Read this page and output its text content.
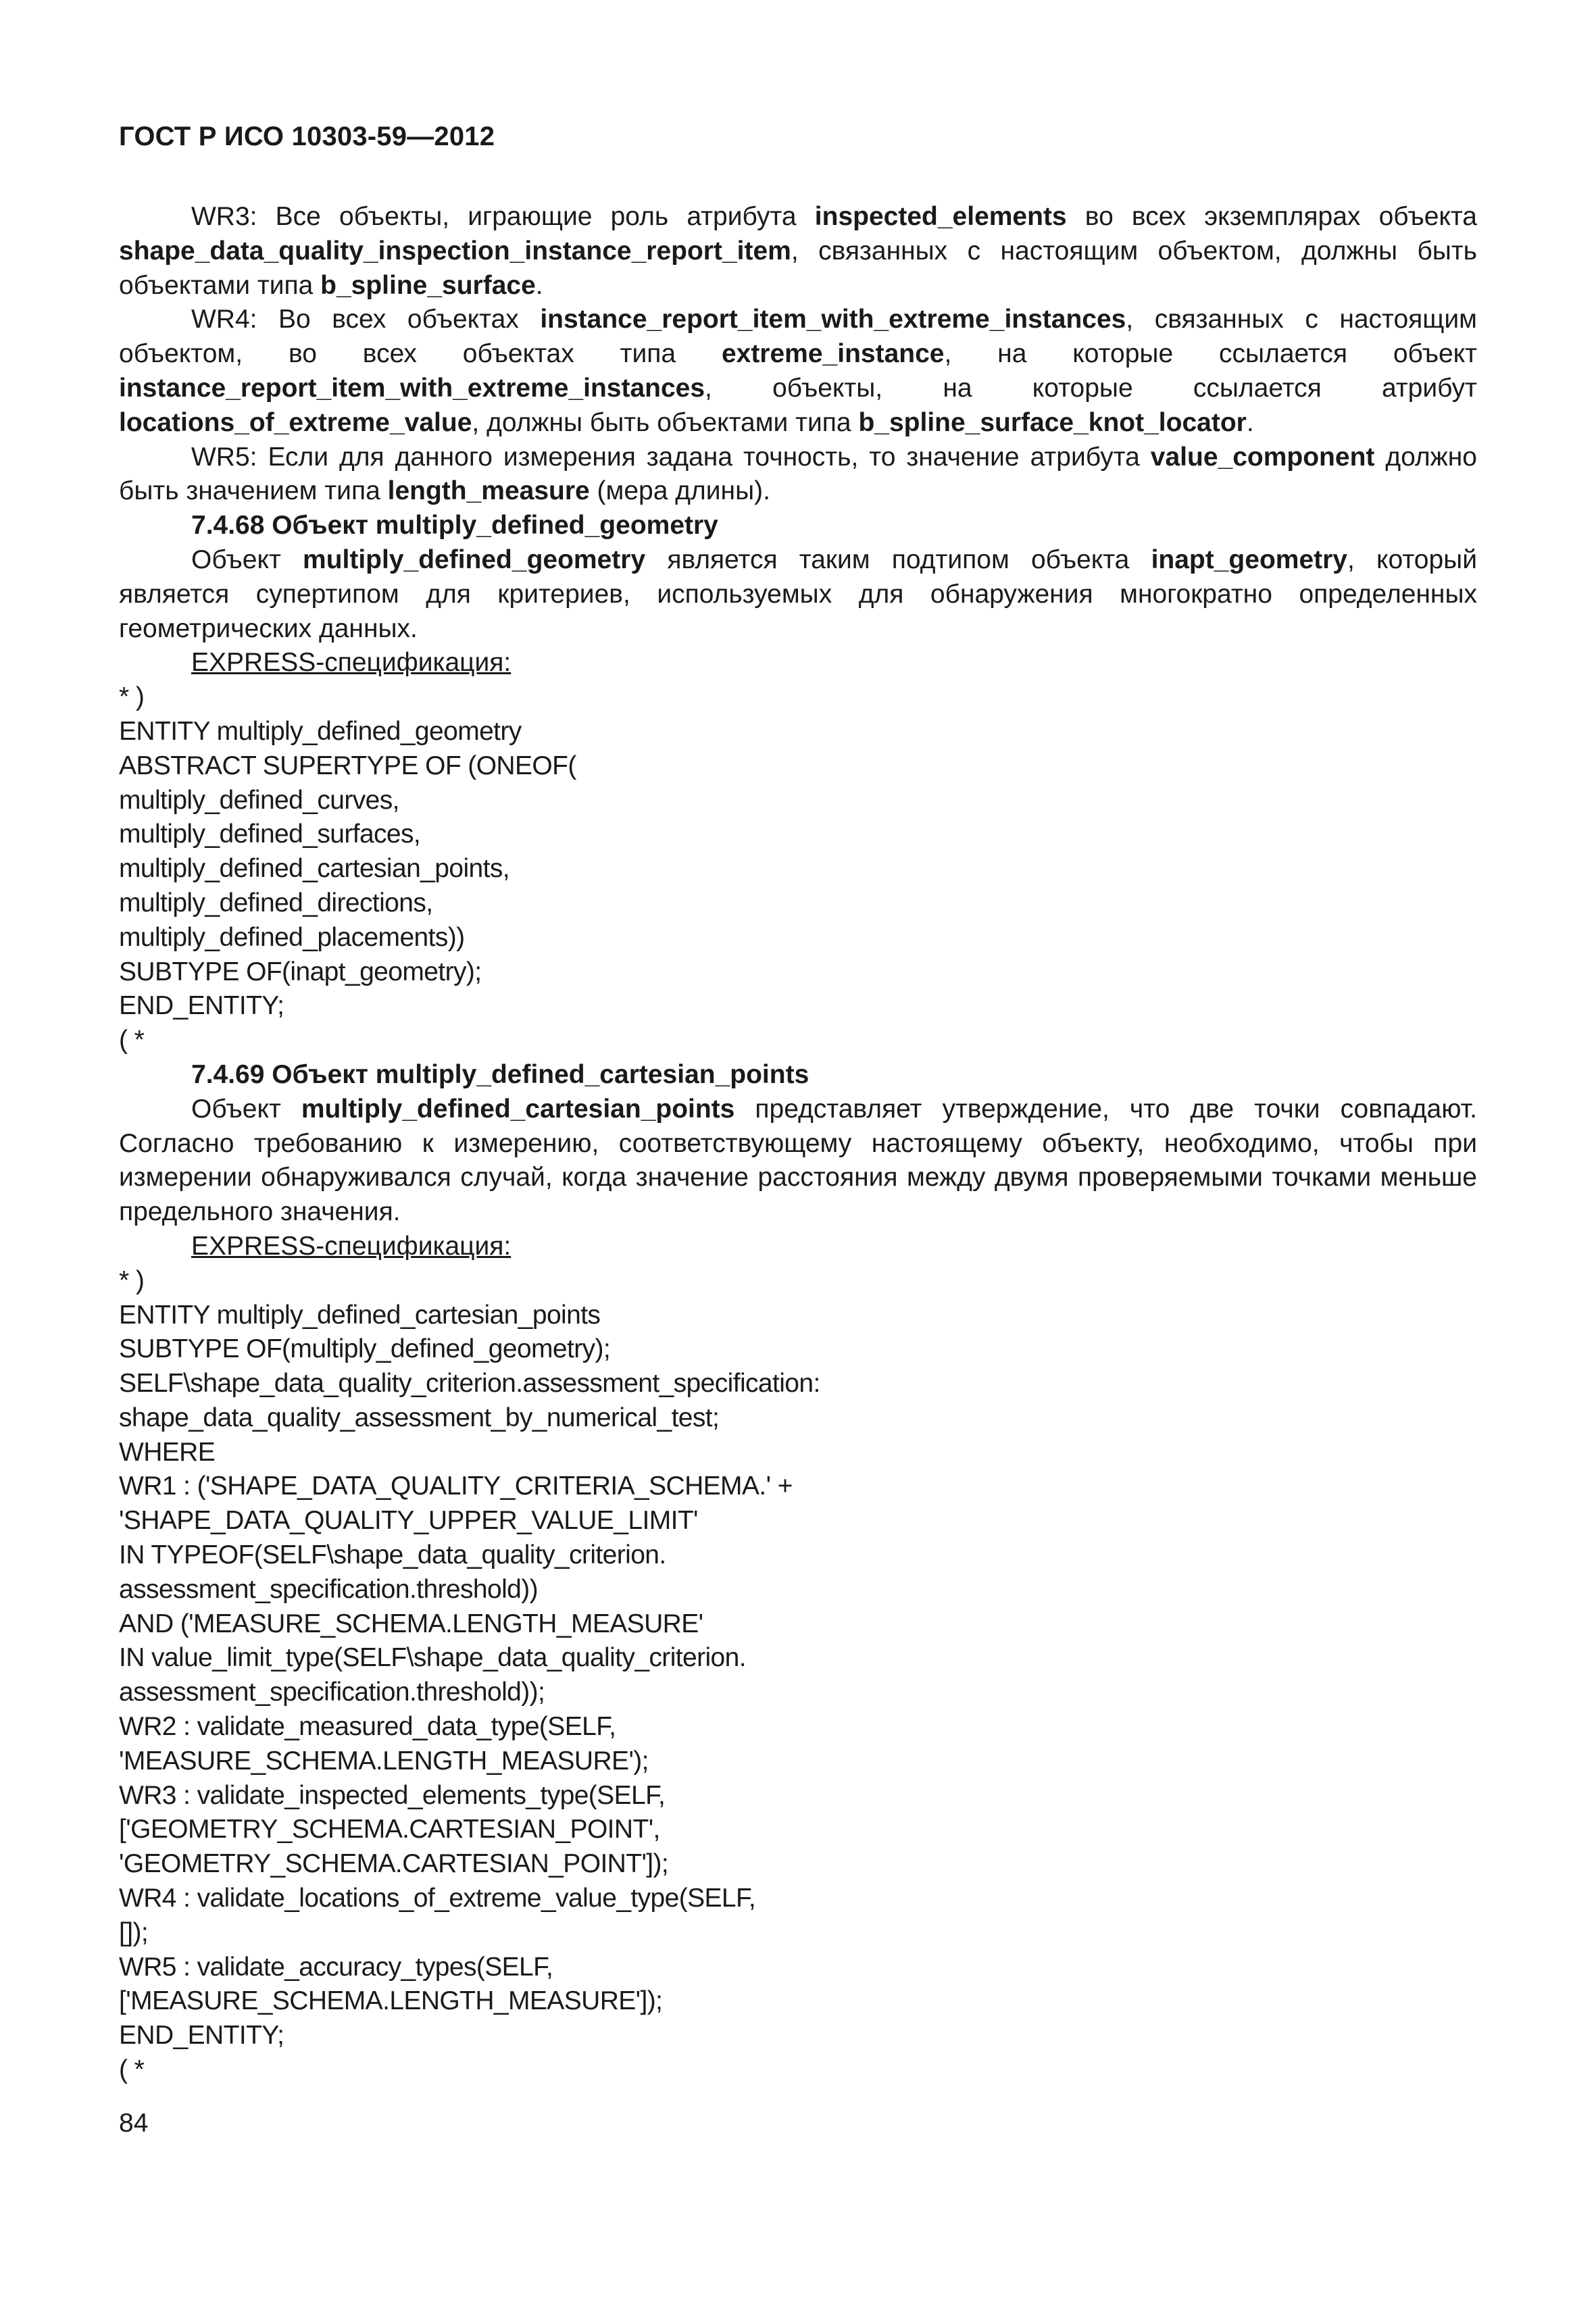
ГОСТ Р ИСО 10303-59—2012

WR3: Все объекты, играющие роль атрибута inspected_elements во всех экземплярах объекта shape_data_quality_inspection_instance_report_item, связанных с настоящим объектом, должны быть объектами типа b_spline_surface.

WR4: Во всех объектах instance_report_item_with_extreme_instances, связанных с настоящим объектом, во всех объектах типа extreme_instance, на которые ссылается объект instance_report_item_with_extreme_instances, объекты, на которые ссылается атрибут locations_of_extreme_value, должны быть объектами типа b_spline_surface_knot_locator.

WR5: Если для данного измерения задана точность, то значение атрибута value_component должно быть значением типа length_measure (мера длины).

7.4.68 Объект multiply_defined_geometry

Объект multiply_defined_geometry является таким подтипом объекта inapt_geometry, который является супертипом для критериев, используемых для обнаружения многократно определенных геометрических данных.

EXPRESS-спецификация:

* )

ENTITY multiply_defined_geometry

ABSTRACT SUPERTYPE OF (ONEOF(

multiply_defined_curves,

multiply_defined_surfaces,

multiply_defined_cartesian_points,

multiply_defined_directions,

multiply_defined_placements))

SUBTYPE OF(inapt_geometry);

END_ENTITY;

( *

7.4.69 Объект multiply_defined_cartesian_points

Объект multiply_defined_cartesian_points представляет утверждение, что две точки совпадают. Согласно требованию к измерению, соответствующему настоящему объекту, необходимо, чтобы при измерении обнаруживался случай, когда значение расстояния между двумя проверяемыми точками меньше предельного значения.

EXPRESS-спецификация:

* )

ENTITY multiply_defined_cartesian_points

SUBTYPE OF(multiply_defined_geometry);

SELF\shape_data_quality_criterion.assessment_specification:

shape_data_quality_assessment_by_numerical_test;

WHERE

WR1 : ('SHAPE_DATA_QUALITY_CRITERIA_SCHEMA.' +

'SHAPE_DATA_QUALITY_UPPER_VALUE_LIMIT'

IN TYPEOF(SELF\shape_data_quality_criterion.

assessment_specification.threshold))

AND ('MEASURE_SCHEMA.LENGTH_MEASURE'

IN value_limit_type(SELF\shape_data_quality_criterion.

assessment_specification.threshold));

WR2 : validate_measured_data_type(SELF,

'MEASURE_SCHEMA.LENGTH_MEASURE');

WR3 : validate_inspected_elements_type(SELF,

['GEOMETRY_SCHEMA.CARTESIAN_POINT',

'GEOMETRY_SCHEMA.CARTESIAN_POINT']);

WR4 : validate_locations_of_extreme_value_type(SELF,

[]);

WR5 : validate_accuracy_types(SELF,

['MEASURE_SCHEMA.LENGTH_MEASURE']);

END_ENTITY;

( *

84
